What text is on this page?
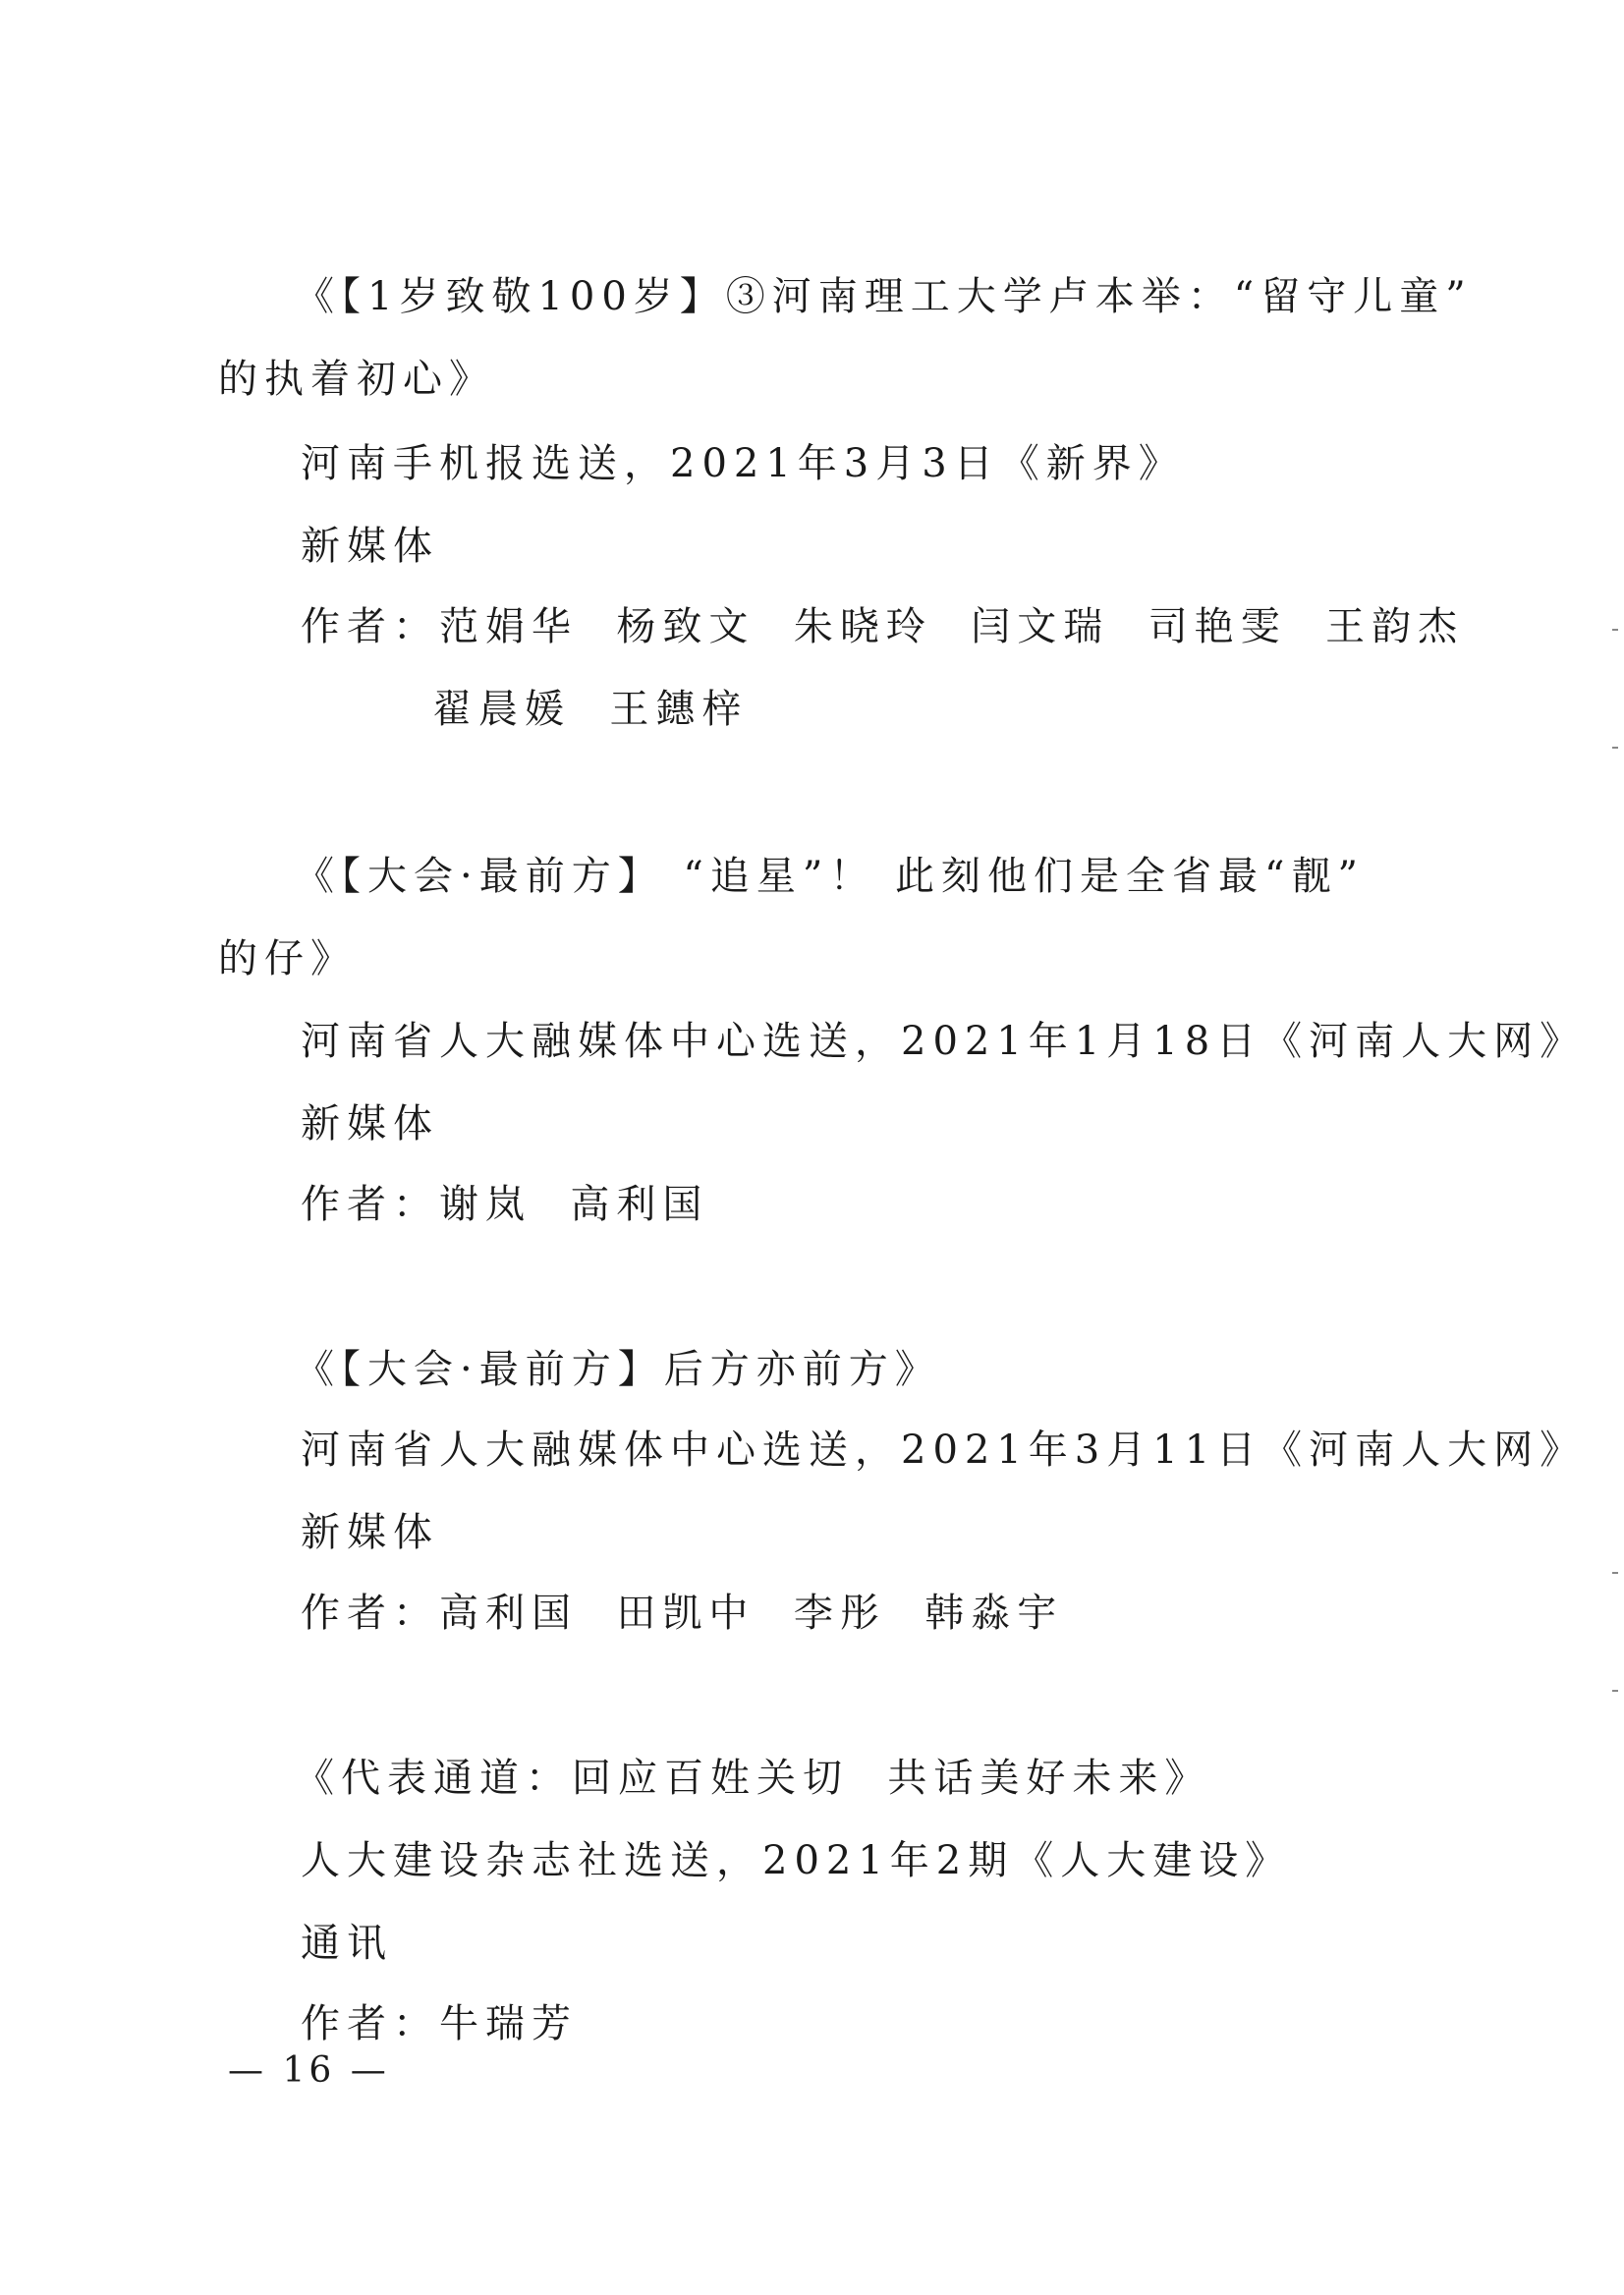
《【1岁致敬100岁】③河南理工大学卢本举：“留守儿童”
的执着初心》
河南手机报选送，2021年3月3日《新界》
新媒体
作者：范娟华  杨致文  朱晓玲  闫文瑞  司艳雯  王韵杰
翟晨媛  王鏸梓
《【大会·最前方】 “追星”！ 此刻他们是全省最“靓”
的仔》
河南省人大融媒体中心选送，2021年1月18日《河南人大网》
新媒体
作者：谢岚  高利国
《【大会·最前方】后方亦前方》
河南省人大融媒体中心选送，2021年3月11日《河南人大网》
新媒体
作者：高利国  田凯中  李彤  韩淼宇
《代表通道：回应百姓关切  共话美好未来》
人大建设杂志社选送，2021年2期《人大建设》
通讯
作者：牛瑞芳
— 16 —
